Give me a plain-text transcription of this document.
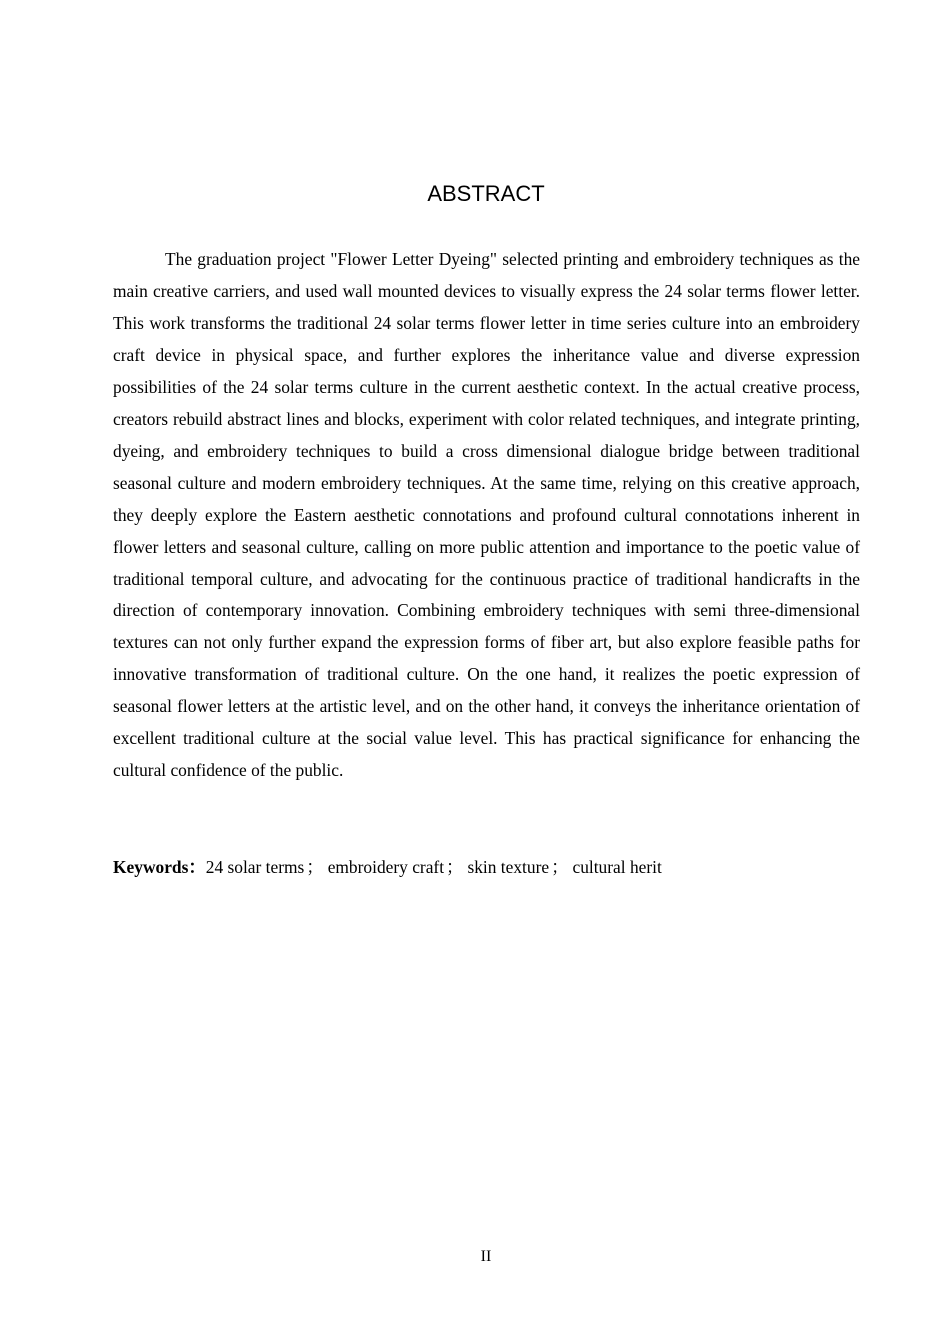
ABSTRACT

The graduation project "Flower Letter Dyeing" selected printing and embroidery techniques as the main creative carriers, and used wall mounted devices to visually express the 24 solar terms flower letter. This work transforms the traditional 24 solar terms flower letter in time series culture into an embroidery craft device in physical space, and further explores the inheritance value and diverse expression possibilities of the 24 solar terms culture in the current aesthetic context. In the actual creative process, creators rebuild abstract lines and blocks, experiment with color related techniques, and integrate printing, dyeing, and embroidery techniques to build a cross dimensional dialogue bridge between traditional seasonal culture and modern embroidery techniques. At the same time, relying on this creative approach, they deeply explore the Eastern aesthetic connotations and profound cultural connotations inherent in flower letters and seasonal culture, calling on more public attention and importance to the poetic value of traditional temporal culture, and advocating for the continuous practice of traditional handicrafts in the direction of contemporary innovation. Combining embroidery techniques with semi three-dimensional textures can not only further expand the expression forms of fiber art, but also explore feasible paths for innovative transformation of traditional culture. On the one hand, it realizes the poetic expression of seasonal flower letters at the artistic level, and on the other hand, it conveys the inheritance orientation of excellent traditional culture at the social value level. This has practical significance for enhancing the cultural confidence of the public.

Keywords：24 solar terms ； embroidery craft ； skin texture ； cultural herit

II
